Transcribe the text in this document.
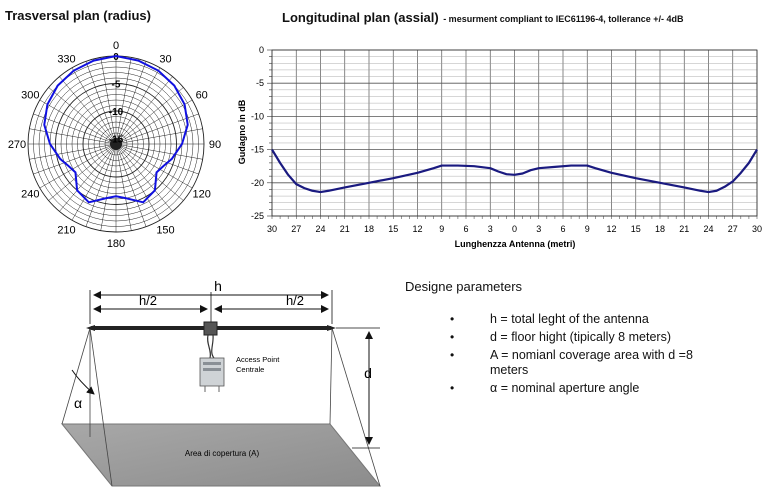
Trasversal plan (radius)
0
30
60
90
120
150
180
210
240
270
300
330	0
-5
-10
-15
Longitudinal plan (assial) - mesurment compliant to IEC61196-4, tollerance +/- 4dB
30 27 24 21 18 15 12 9 6 3 0 3 6 9 12 15 18 21 24 27 30
0
-5
-10
-15
-20
-25
Gudagno in dB
Lunghenzza Antenna (metri)
Area di copertura (A)
α
h
h/2	h/2
Access Point
Centrale	d
Designe parameters
•	h = total leght of the antenna
•	d = floor hight (tipically 8 meters)
•	A = nomianl coverage area with d =8 meters
•	α = nominal aperture angle
